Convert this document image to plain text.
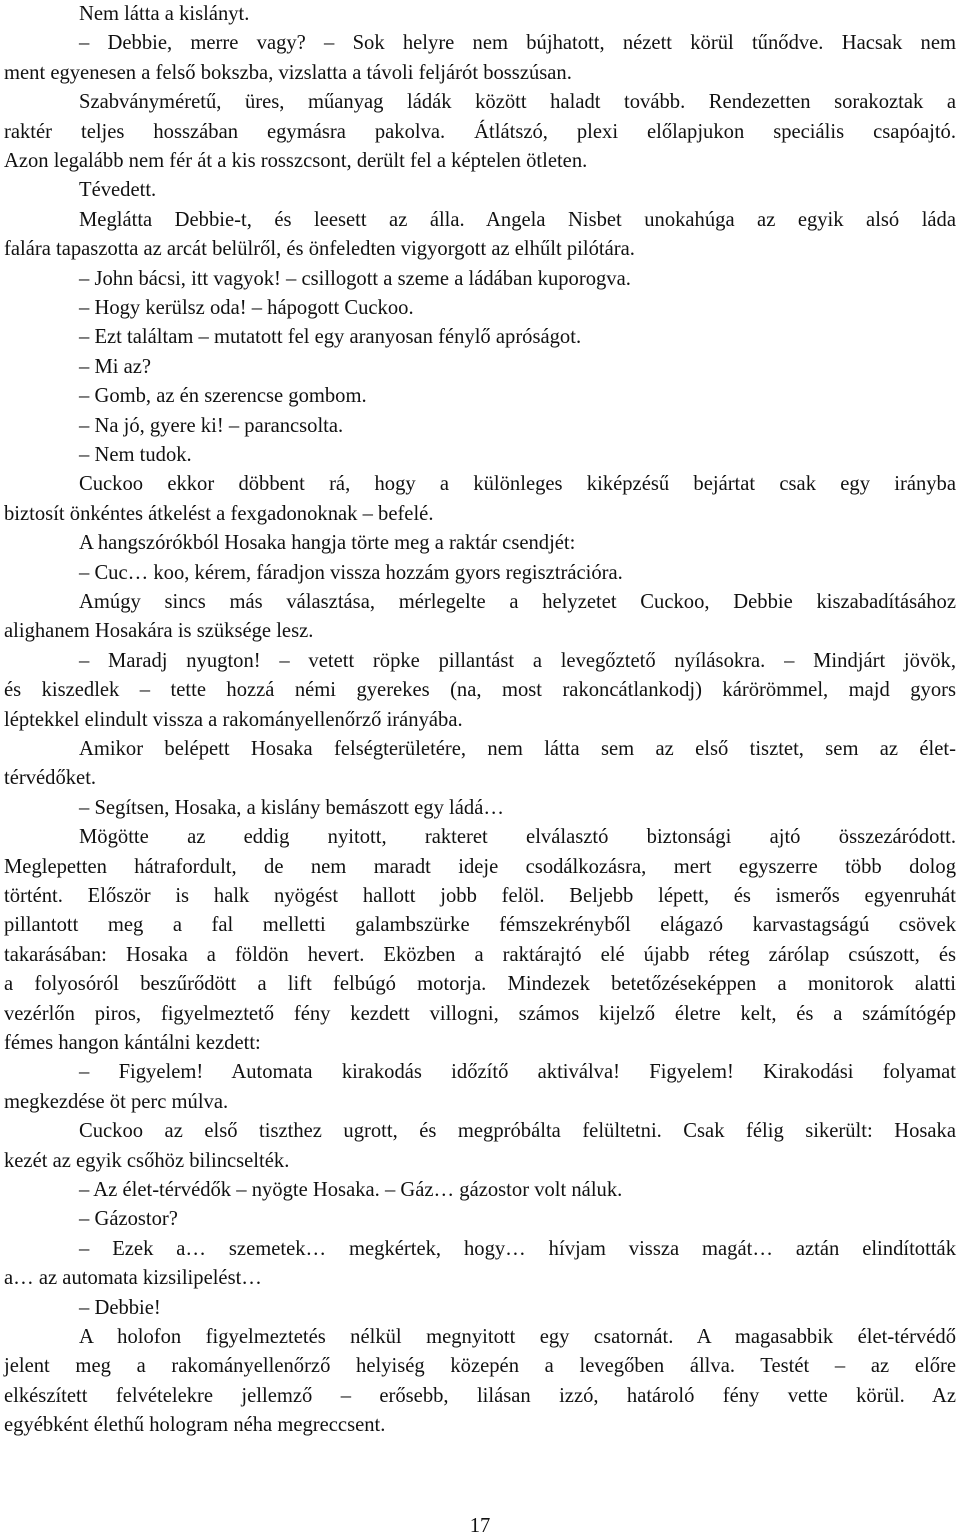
Nem látta a kislányt.
– Debbie, merre vagy? – Sok helyre nem bújhatott, nézett körül tűnődve. Hacsak nem
ment egyenesen a felső bokszba, vizslatta a távoli feljárót bosszúsan.
Szabványméretű, üres, műanyag ládák között haladt tovább. Rendezetten sorakoztak a
raktér teljes hosszában egymásra pakolva. Átlátszó, plexi előlapjukon speciális csapóajtó.
Azon legalább nem fér át a kis rosszcsont, derült fel a képtelen ötleten.
Tévedett.
Meglátta Debbie-t, és leesett az álla. Angela Nisbet unokahúga az egyik alsó láda
falára tapaszotta az arcát belülről, és önfeledten vigyorgott az elhűlt pilótára.
– John bácsi, itt vagyok! – csillogott a szeme a ládában kuporogva.
– Hogy kerülsz oda! – hápogott Cuckoo.
– Ezt találtam – mutatott fel egy aranyosan fénylő apróságot.
– Mi az?
– Gomb, az én szerencse gombom.
– Na jó, gyere ki! – parancsolta.
– Nem tudok.
Cuckoo ekkor döbbent rá, hogy a különleges kiképzésű bejártat csak egy irányba
biztosít önkéntes átkelést a fexgadonoknak – befelé.
A hangszórókból Hosaka hangja törte meg a raktár csendjét:
– Cuc… koo, kérem, fáradjon vissza hozzám gyors regisztrációra.
Amúgy sincs más választása, mérlegelte a helyzetet Cuckoo, Debbie kiszabadításához
alighanem Hosakára is szüksége lesz.
– Maradj nyugton! – vetett röpke pillantást a levegőztető nyílásokra. – Mindjárt jövök,
és kiszedlek – tette hozzá némi gyerekes (na, most rakoncátlankodj) kárörömmel, majd gyors
léptekkel elindult vissza a rakományellenőrző irányába.
Amikor belépett Hosaka felségterületére, nem látta sem az első tisztet, sem az élet-
térvédőket.
– Segítsen, Hosaka, a kislány bemászott egy ládá…
Mögötte az eddig nyitott, rakteret elválasztó biztonsági ajtó összezáródott.
Meglepetten hátrafordult, de nem maradt ideje csodálkozásra, mert egyszerre több dolog
történt. Először is halk nyögést hallott jobb felöl. Beljebb lépett, és ismerős egyenruhát
pillantott meg a fal melletti galambszürke fémszekrényből elágazó karvastagságú csövek
takarásában: Hosaka a földön hevert. Eközben a raktárajtó elé újabb réteg zárólap csúszott, és
a folyosóról beszűrődött a lift felbúgó motorja. Mindezek betetőzéseképpen a monitorok alatti
vezérlőn piros, figyelmeztető fény kezdett villogni, számos kijelző életre kelt, és a számítógép
fémes hangon kántálni kezdett:
– Figyelem! Automata kirakodás időzítő aktiválva! Figyelem! Kirakodási folyamat
megkezdése öt perc múlva.
Cuckoo az első tiszthez ugrott, és megpróbálta felültetni. Csak félig sikerült: Hosaka
kezét az egyik csőhöz bilincselték.
– Az élet-térvédők – nyögte Hosaka. – Gáz… gázostor volt náluk.
– Gázostor?
– Ezek a… szemetek… megkértek, hogy… hívjam vissza magát… aztán elindították
a… az automata kizsilipelést…
– Debbie!
A holofon figyelmeztetés nélkül megnyitott egy csatornát. A magasabbik élet-térvédő
jelent meg a rakományellenőrző helyiség közepén a levegőben állva. Testét – az előre
elkészített felvételekre jellemző – erősebb, lilásan izzó, határoló fény vette körül. Az
egyébként élethű hologram néha megreccsent.
17
